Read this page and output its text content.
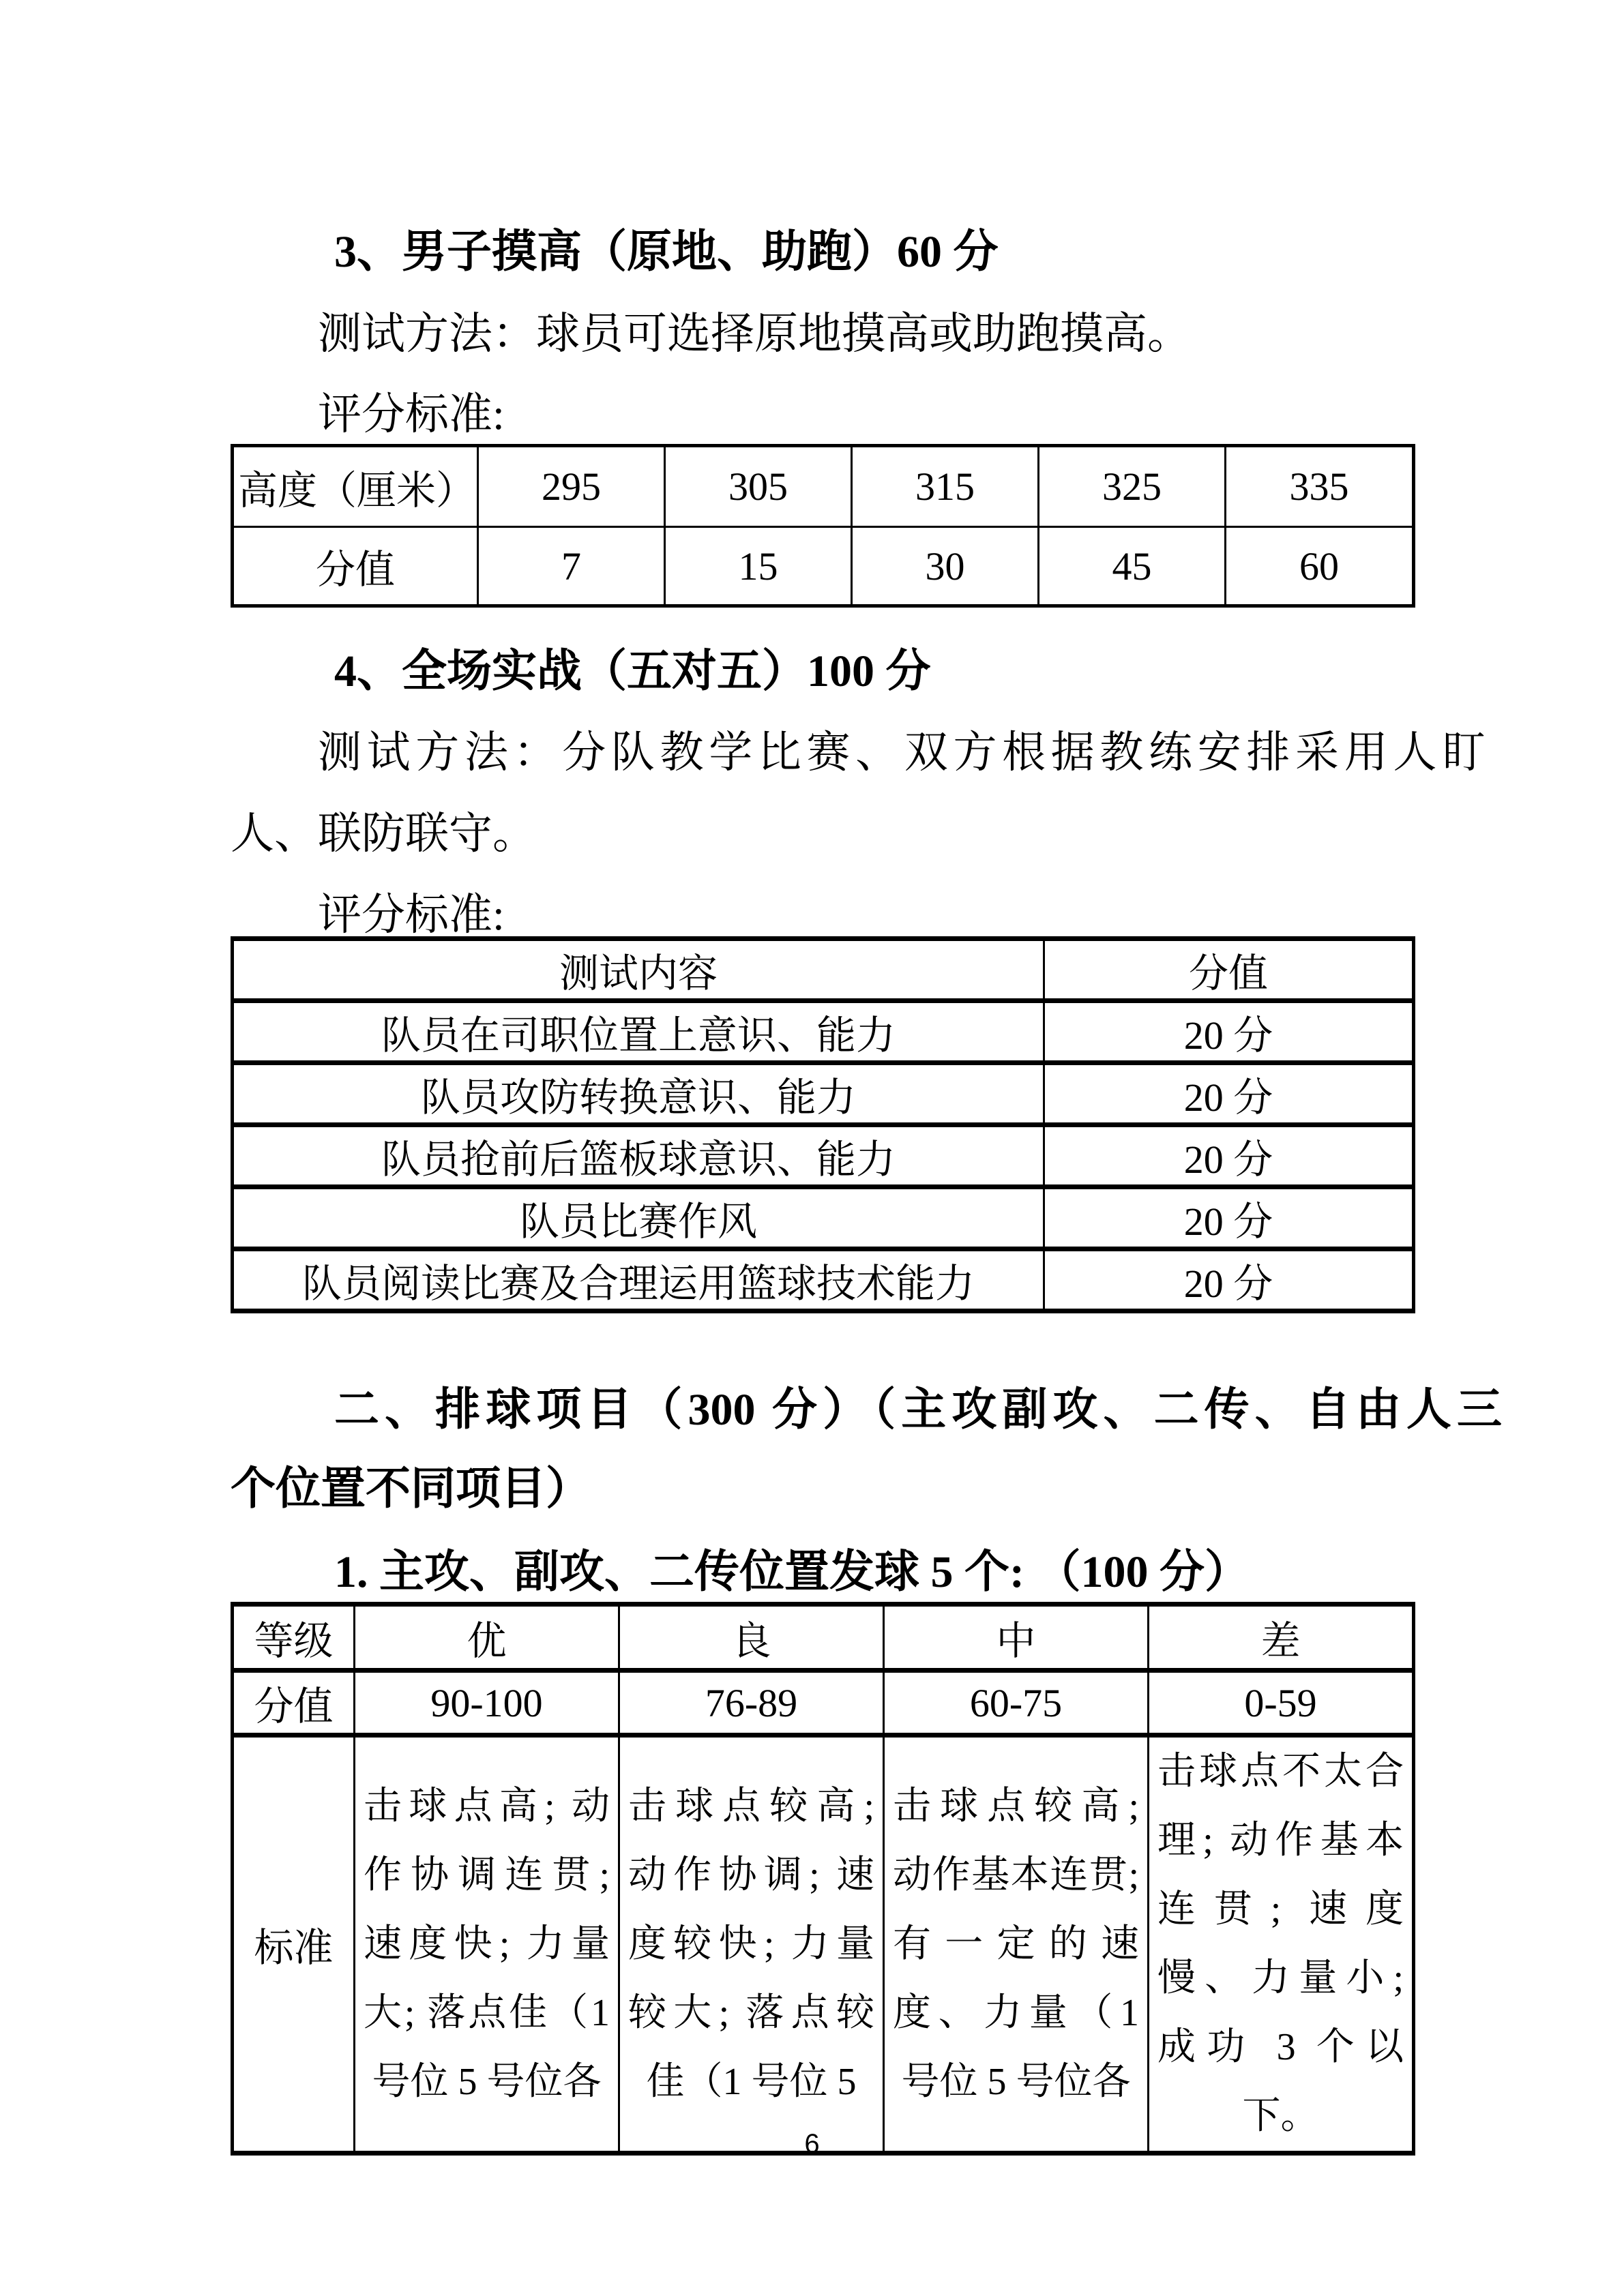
3、男子摸高（原地、助跑）60 分
测试方法：球员可选择原地摸高或助跑摸高。
评分标准:
高度（厘米）	295	305	315	325	335
分值	7	15	30	45	60
4、全场实战（五对五）100 分
测试方法：分队教学比赛、双方根据教练安排采用人盯
人、联防联守。
评分标准:
测试内容	分值
队员在司职位置上意识、能力	20 分
队员攻防转换意识、能力	20 分
队员抢前后篮板球意识、能力	20 分
队员比赛作风	20 分
队员阅读比赛及合理运用篮球技术能力	20 分
二、排球项目（300 分）（主攻副攻、二传、自由人三
个位置不同项目）
1. 主攻、副攻、二传位置发球 5 个: （100 分）
等级	优	良	中	差
分值	90-100	76-89	60-75	0-59
标准	击球点高; 动作协调连贯; 速度快; 力量大; 落点佳（1 号位 5 号位各	击球点较高; 动作协调; 速度较快; 力量较大; 落点较佳（1 号位 5	击球点较高; 动作基本连贯; 有一定的速度、力量（1 号位 5 号位各	击球点不太合理; 动作基本连贯; 速度慢、力量小; 成功 3 个以下。
6
